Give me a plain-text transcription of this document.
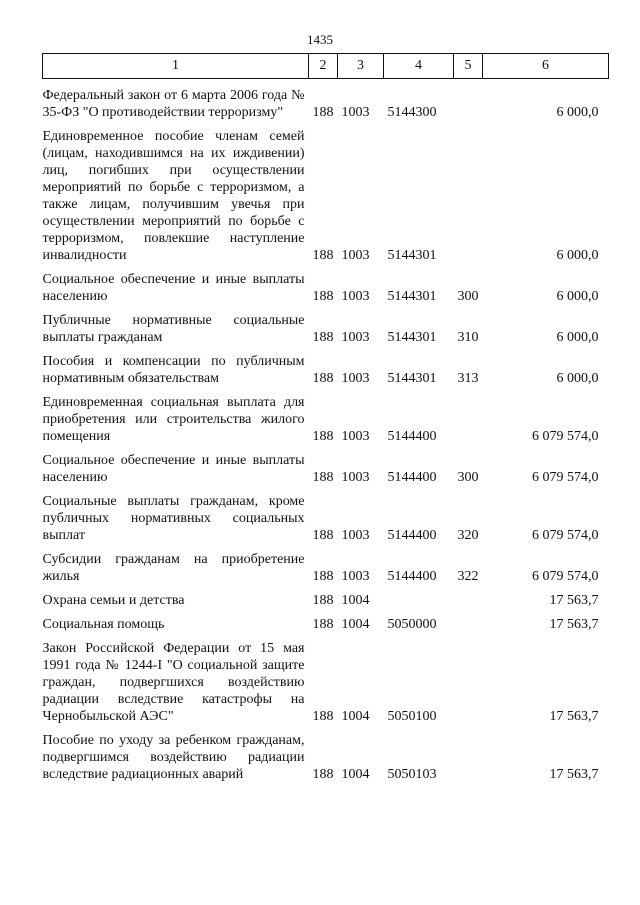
1435
1	2	3	4	5	6
Федеральный закон от 6 марта 2006 года № 35-ФЗ "О противодействии терроризму"	188	1003	5144300		6 000,0
Единовременное пособие членам семей (лицам, находившимся на их иждивении) лиц, погибших при осуществлении мероприятий по борьбе с терроризмом, а также лицам, получившим увечья при осуществлении мероприятий по борьбе с терроризмом, повлекшие наступление инвалидности	188	1003	5144301		6 000,0
Социальное обеспечение и иные выплаты населению	188	1003	5144301	300	6 000,0
Публичные нормативные социальные выплаты гражданам	188	1003	5144301	310	6 000,0
Пособия и компенсации по публичным нормативным обязательствам	188	1003	5144301	313	6 000,0
Единовременная социальная выплата для приобретения или строительства жилого помещения	188	1003	5144400		6 079 574,0
Социальное обеспечение и иные выплаты населению	188	1003	5144400	300	6 079 574,0
Социальные выплаты гражданам, кроме публичных нормативных социальных выплат	188	1003	5144400	320	6 079 574,0
Субсидии гражданам на приобретение жилья	188	1003	5144400	322	6 079 574,0
Охрана семьи и детства	188	1004			17 563,7
Социальная помощь	188	1004	5050000		17 563,7
Закон Российской Федерации от 15 мая 1991 года № 1244-I "О социальной защите граждан, подвергшихся воздействию радиации вследствие катастрофы на Чернобыльской АЭС"	188	1004	5050100		17 563,7
Пособие по уходу за ребенком гражданам, подвергшимся воздействию радиации вследствие радиационных аварий	188	1004	5050103		17 563,7
